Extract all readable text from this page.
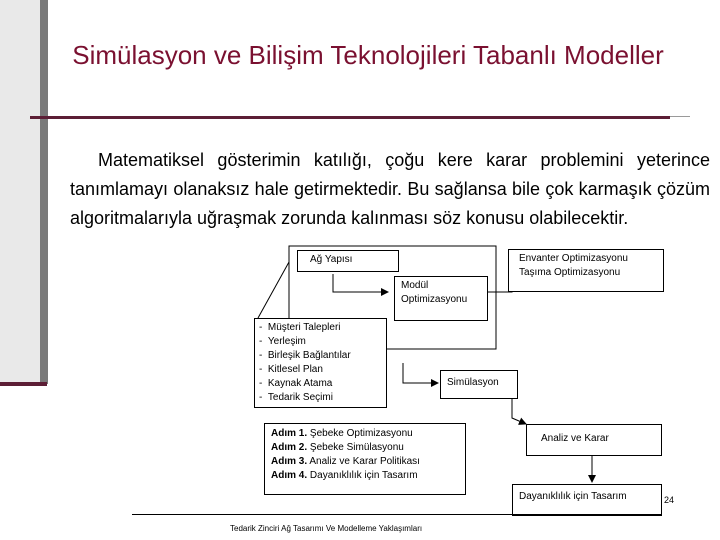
Simülasyon ve Bilişim Teknolojileri Tabanlı Modeller
Matematiksel gösterimin katılığı, çoğu kere karar problemini yeterince tanımlamayı olanaksız hale getirmektedir. Bu sağlansa bile çok karmaşık çözüm algoritmalarıyla uğraşmak zorunda kalınması söz konusu olabilecektir.
Ağ Yapısı	Envanter Optimizasyonu
Taşıma Optimizasyonu
Modül
Optimizasyonu
-  Müşteri Talepleri
-  Yerleşim
-  Birleşik Bağlantılar
-  Kitlesel Plan
-  Kaynak Atama
-  Tedarik Seçimi
Simülasyon
Adım 1. Şebeke Optimizasyonu
Adım 2. Şebeke Simülasyonu
Adım 3. Analiz ve Karar Politikası
Adım 4. Dayanıklılık için Tasarım
Analiz ve Karar
Dayanıklılık için Tasarım	24
Tedarik Zinciri Ağ Tasarımı Ve Modelleme Yaklaşımları
